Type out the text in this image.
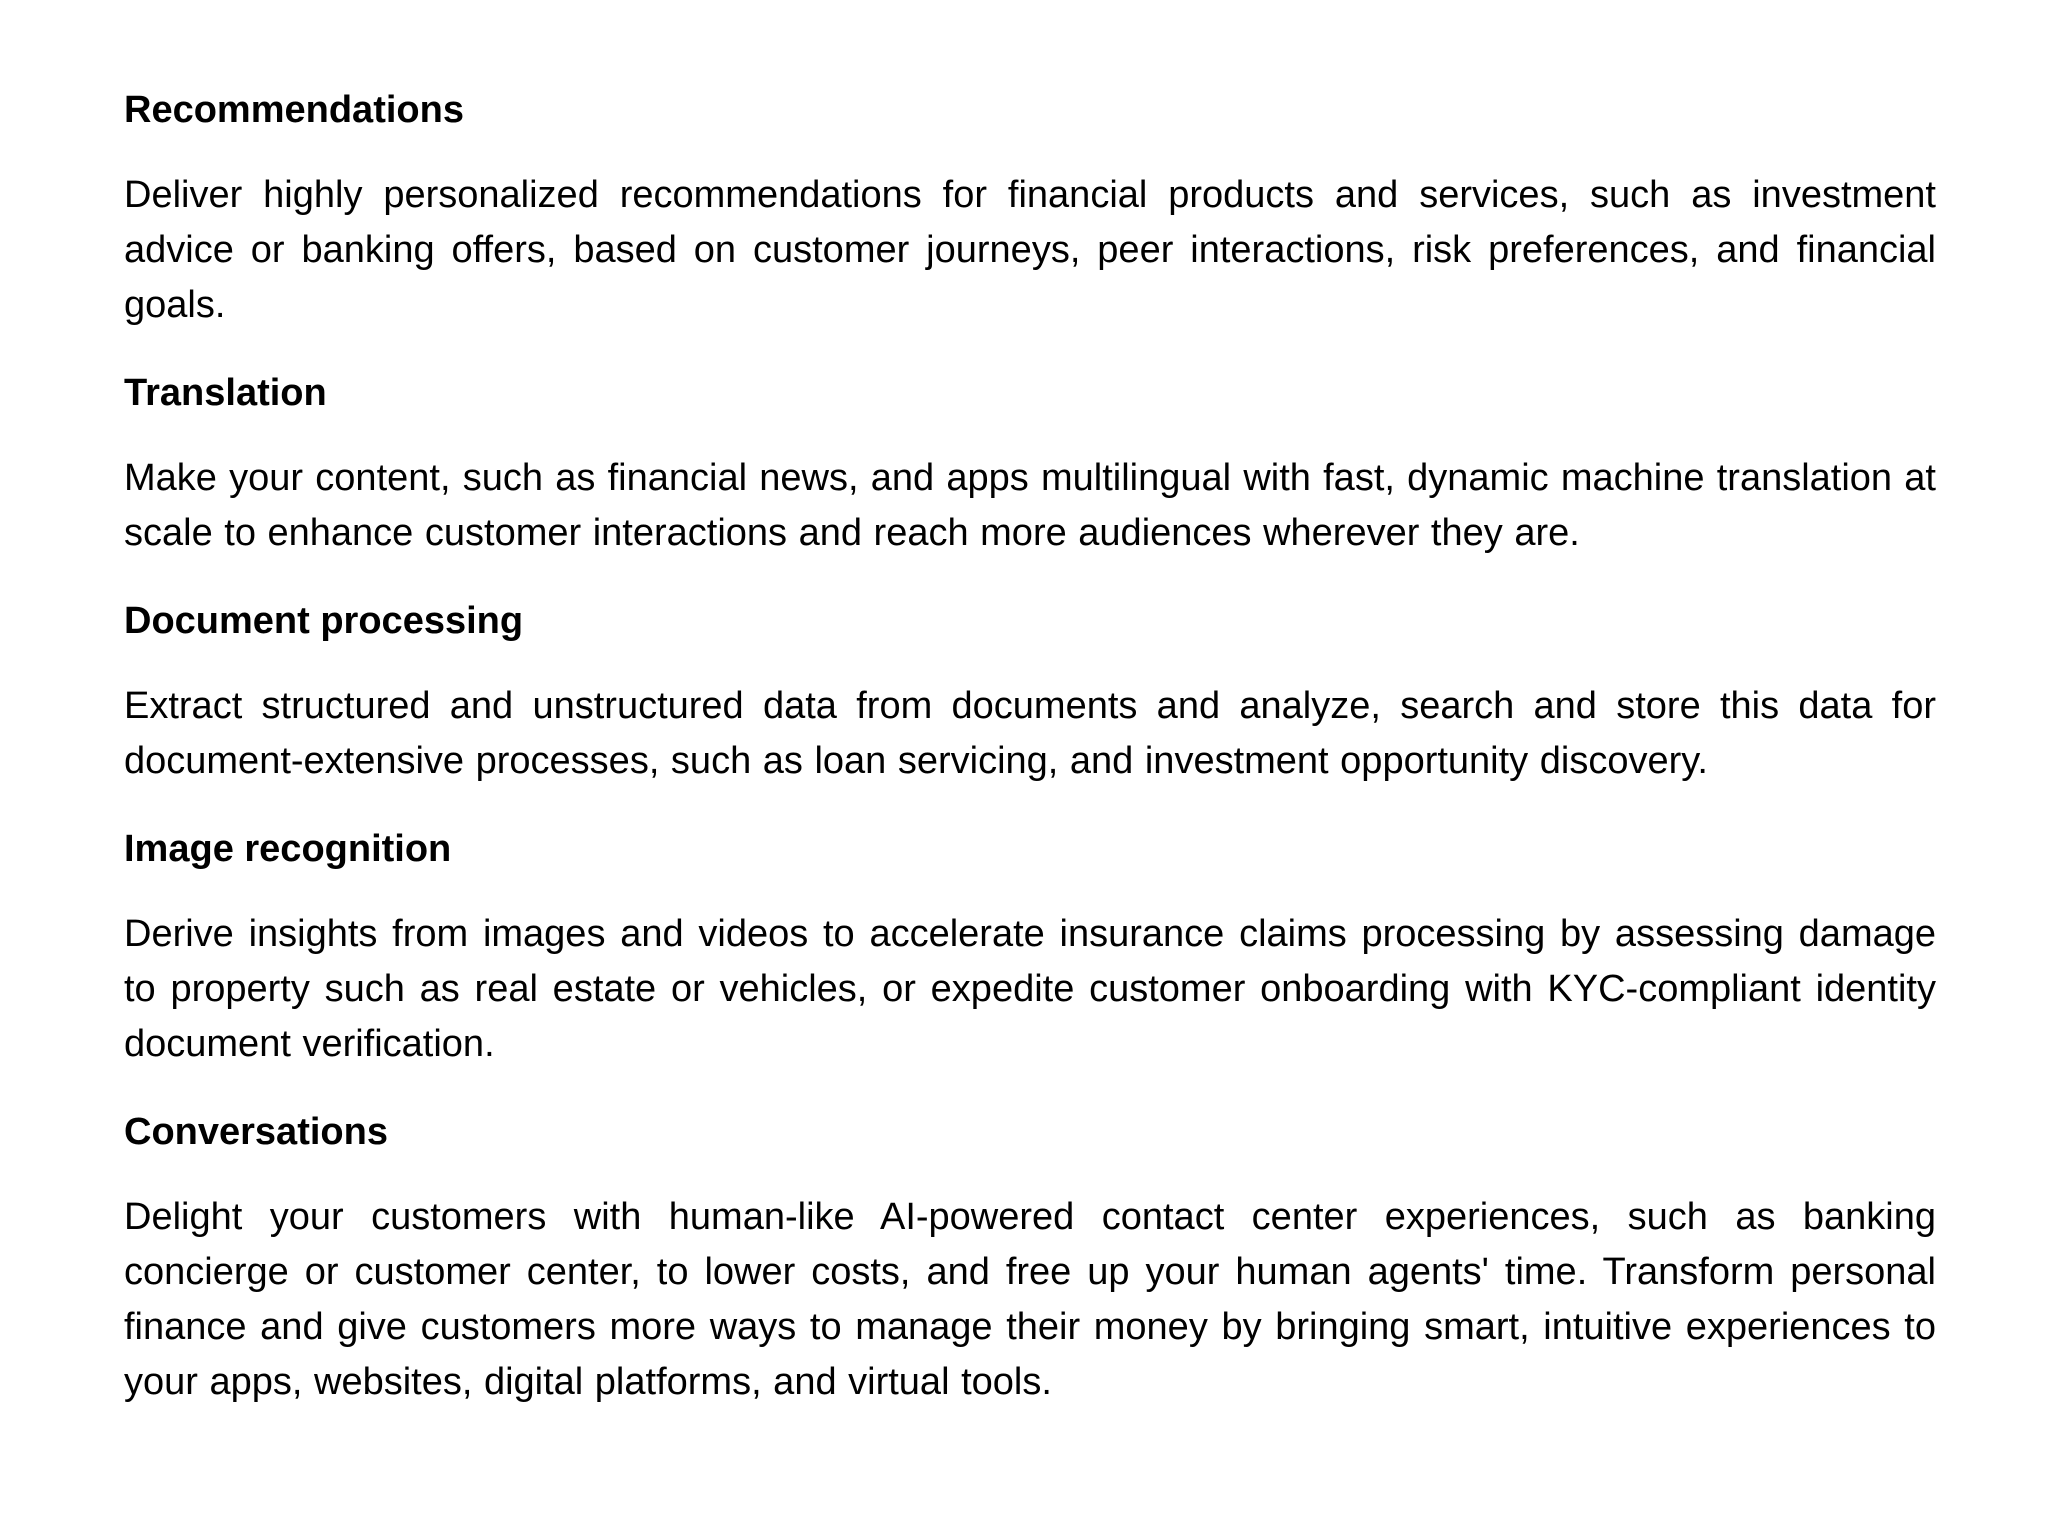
Recommendations

Deliver highly personalized recommendations for financial products and services, such as investment advice or banking offers, based on customer journeys, peer interactions, risk preferences, and financial goals.

Translation

Make your content, such as financial news, and apps multilingual with fast, dynamic machine translation at scale to enhance customer interactions and reach more audiences wherever they are.

Document processing

Extract structured and unstructured data from documents and analyze, search and store this data for document-extensive processes, such as loan servicing, and investment opportunity discovery.

Image recognition

Derive insights from images and videos to accelerate insurance claims processing by assessing damage to property such as real estate or vehicles, or expedite customer onboarding with KYC-compliant identity document verification.

Conversations

Delight your customers with human-like AI-powered contact center experiences, such as banking concierge or customer center, to lower costs, and free up your human agents' time. Transform personal finance and give customers more ways to manage their money by bringing smart, intuitive experiences to your apps, websites, digital platforms, and virtual tools.
